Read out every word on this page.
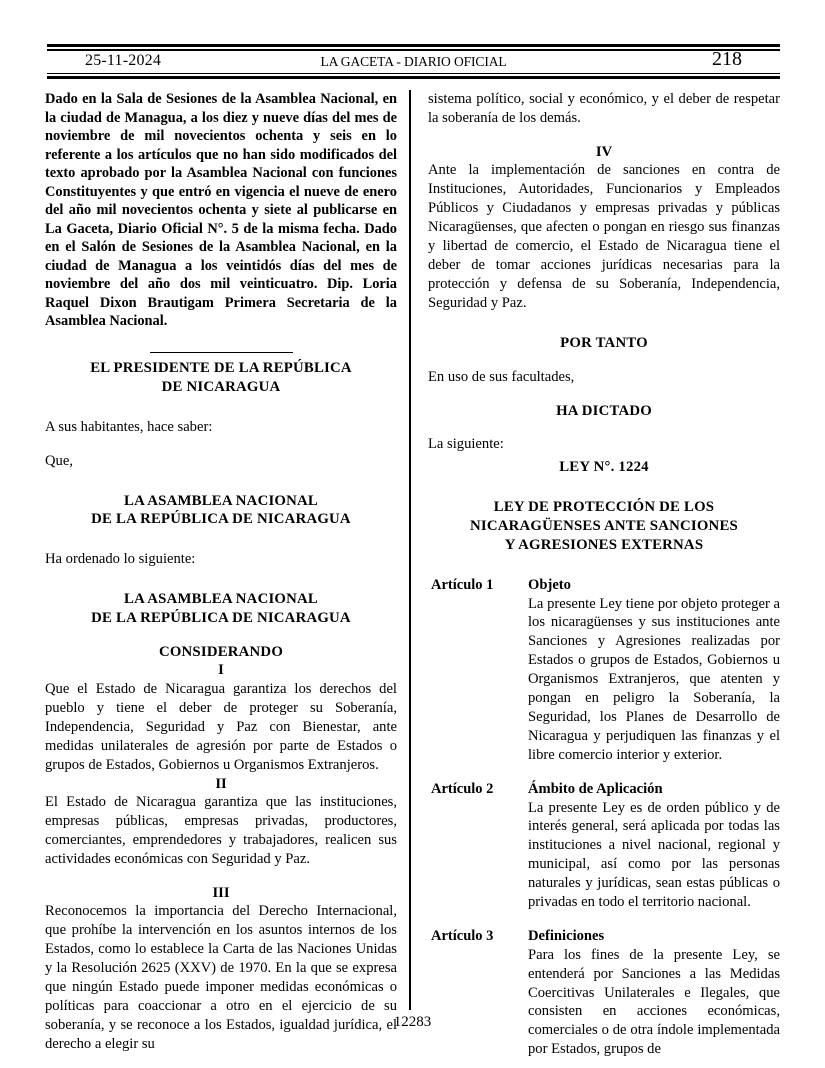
25-11-2024	LA GACETA - DIARIO OFICIAL	218

Dado en la Sala de Sesiones de la Asamblea Nacional, en la ciudad de Managua, a los diez y nueve días del mes de noviembre de mil novecientos ochenta y seis en lo referente a los artículos que no han sido modificados del texto aprobado por la Asamblea Nacional con funciones Constituyentes y que entró en vigencia el nueve de enero del año mil novecientos ochenta y siete al publicarse en La Gaceta, Diario Oficial N°. 5 de la misma fecha. Dado en el Salón de Sesiones de la Asamblea Nacional, en la ciudad de Managua a los veintidós días del mes de noviembre del año dos mil veinticuatro. Dip. Loria Raquel Dixon Brautigam Primera Secretaria de la Asamblea Nacional.

EL PRESIDENTE DE LA REPÚBLICA

DE NICARAGUA

A sus habitantes, hace saber:

Que,

LA ASAMBLEA NACIONAL

DE LA REPÚBLICA DE NICARAGUA

Ha ordenado lo siguiente:

LA ASAMBLEA NACIONAL

DE LA REPÚBLICA DE NICARAGUA

CONSIDERANDO

I

Que el Estado de Nicaragua garantiza los derechos del pueblo y tiene el deber de proteger su Soberanía, Independencia, Seguridad y Paz con Bienestar, ante medidas unilaterales de agresión por parte de Estados o grupos de Estados, Gobiernos u Organismos Extranjeros.

II

El Estado de Nicaragua garantiza que las instituciones, empresas públicas, empresas privadas, productores, comerciantes, emprendedores y trabajadores, realicen sus actividades económicas con Seguridad y Paz.

III

Reconocemos la importancia del Derecho Internacional, que prohíbe la intervención en los asuntos internos de los Estados, como lo establece la Carta de las Naciones Unidas y la Resolución 2625 (XXV) de 1970. En la que se expresa que ningún Estado puede imponer medidas económicas o políticas para coaccionar a otro en el ejercicio de su soberanía, y se reconoce a los Estados, igualdad jurídica, el derecho a elegir su

sistema político, social y económico, y el deber de respetar la soberanía de los demás.

IV

Ante la implementación de sanciones en contra de Instituciones, Autoridades, Funcionarios y Empleados Públicos y Ciudadanos y empresas privadas y públicas Nicaragüenses, que afecten o pongan en riesgo sus finanzas y libertad de comercio, el Estado de Nicaragua tiene el deber de tomar acciones jurídicas necesarias para la protección y defensa de su Soberanía, Independencia, Seguridad y Paz.

POR TANTO

En uso de sus facultades,

HA DICTADO

La siguiente:

LEY N°. 1224

LEY DE PROTECCIÓN DE LOS

NICARAGÜENSES ANTE SANCIONES

Y AGRESIONES EXTERNAS

Artículo 1	Objeto

La presente Ley tiene por objeto proteger a los nicaragüenses y sus instituciones ante Sanciones y Agresiones realizadas por Estados o grupos de Estados, Gobiernos u Organismos Extranjeros, que atenten y pongan en peligro la Soberanía, la Seguridad, los Planes de Desarrollo de Nicaragua y perjudiquen las finanzas y el libre comercio interior y exterior.

Artículo 2	Ámbito de Aplicación

La presente Ley es de orden público y de interés general, será aplicada por todas las instituciones a nivel nacional, regional y municipal, así como por las personas naturales y jurídicas, sean estas públicas o privadas en todo el territorio nacional.

Artículo 3	Definiciones

Para los fines de la presente Ley, se entenderá por Sanciones a las Medidas Coercitivas Unilaterales e Ilegales, que consisten en acciones económicas, comerciales o de otra índole implementada por Estados, grupos de

12283
